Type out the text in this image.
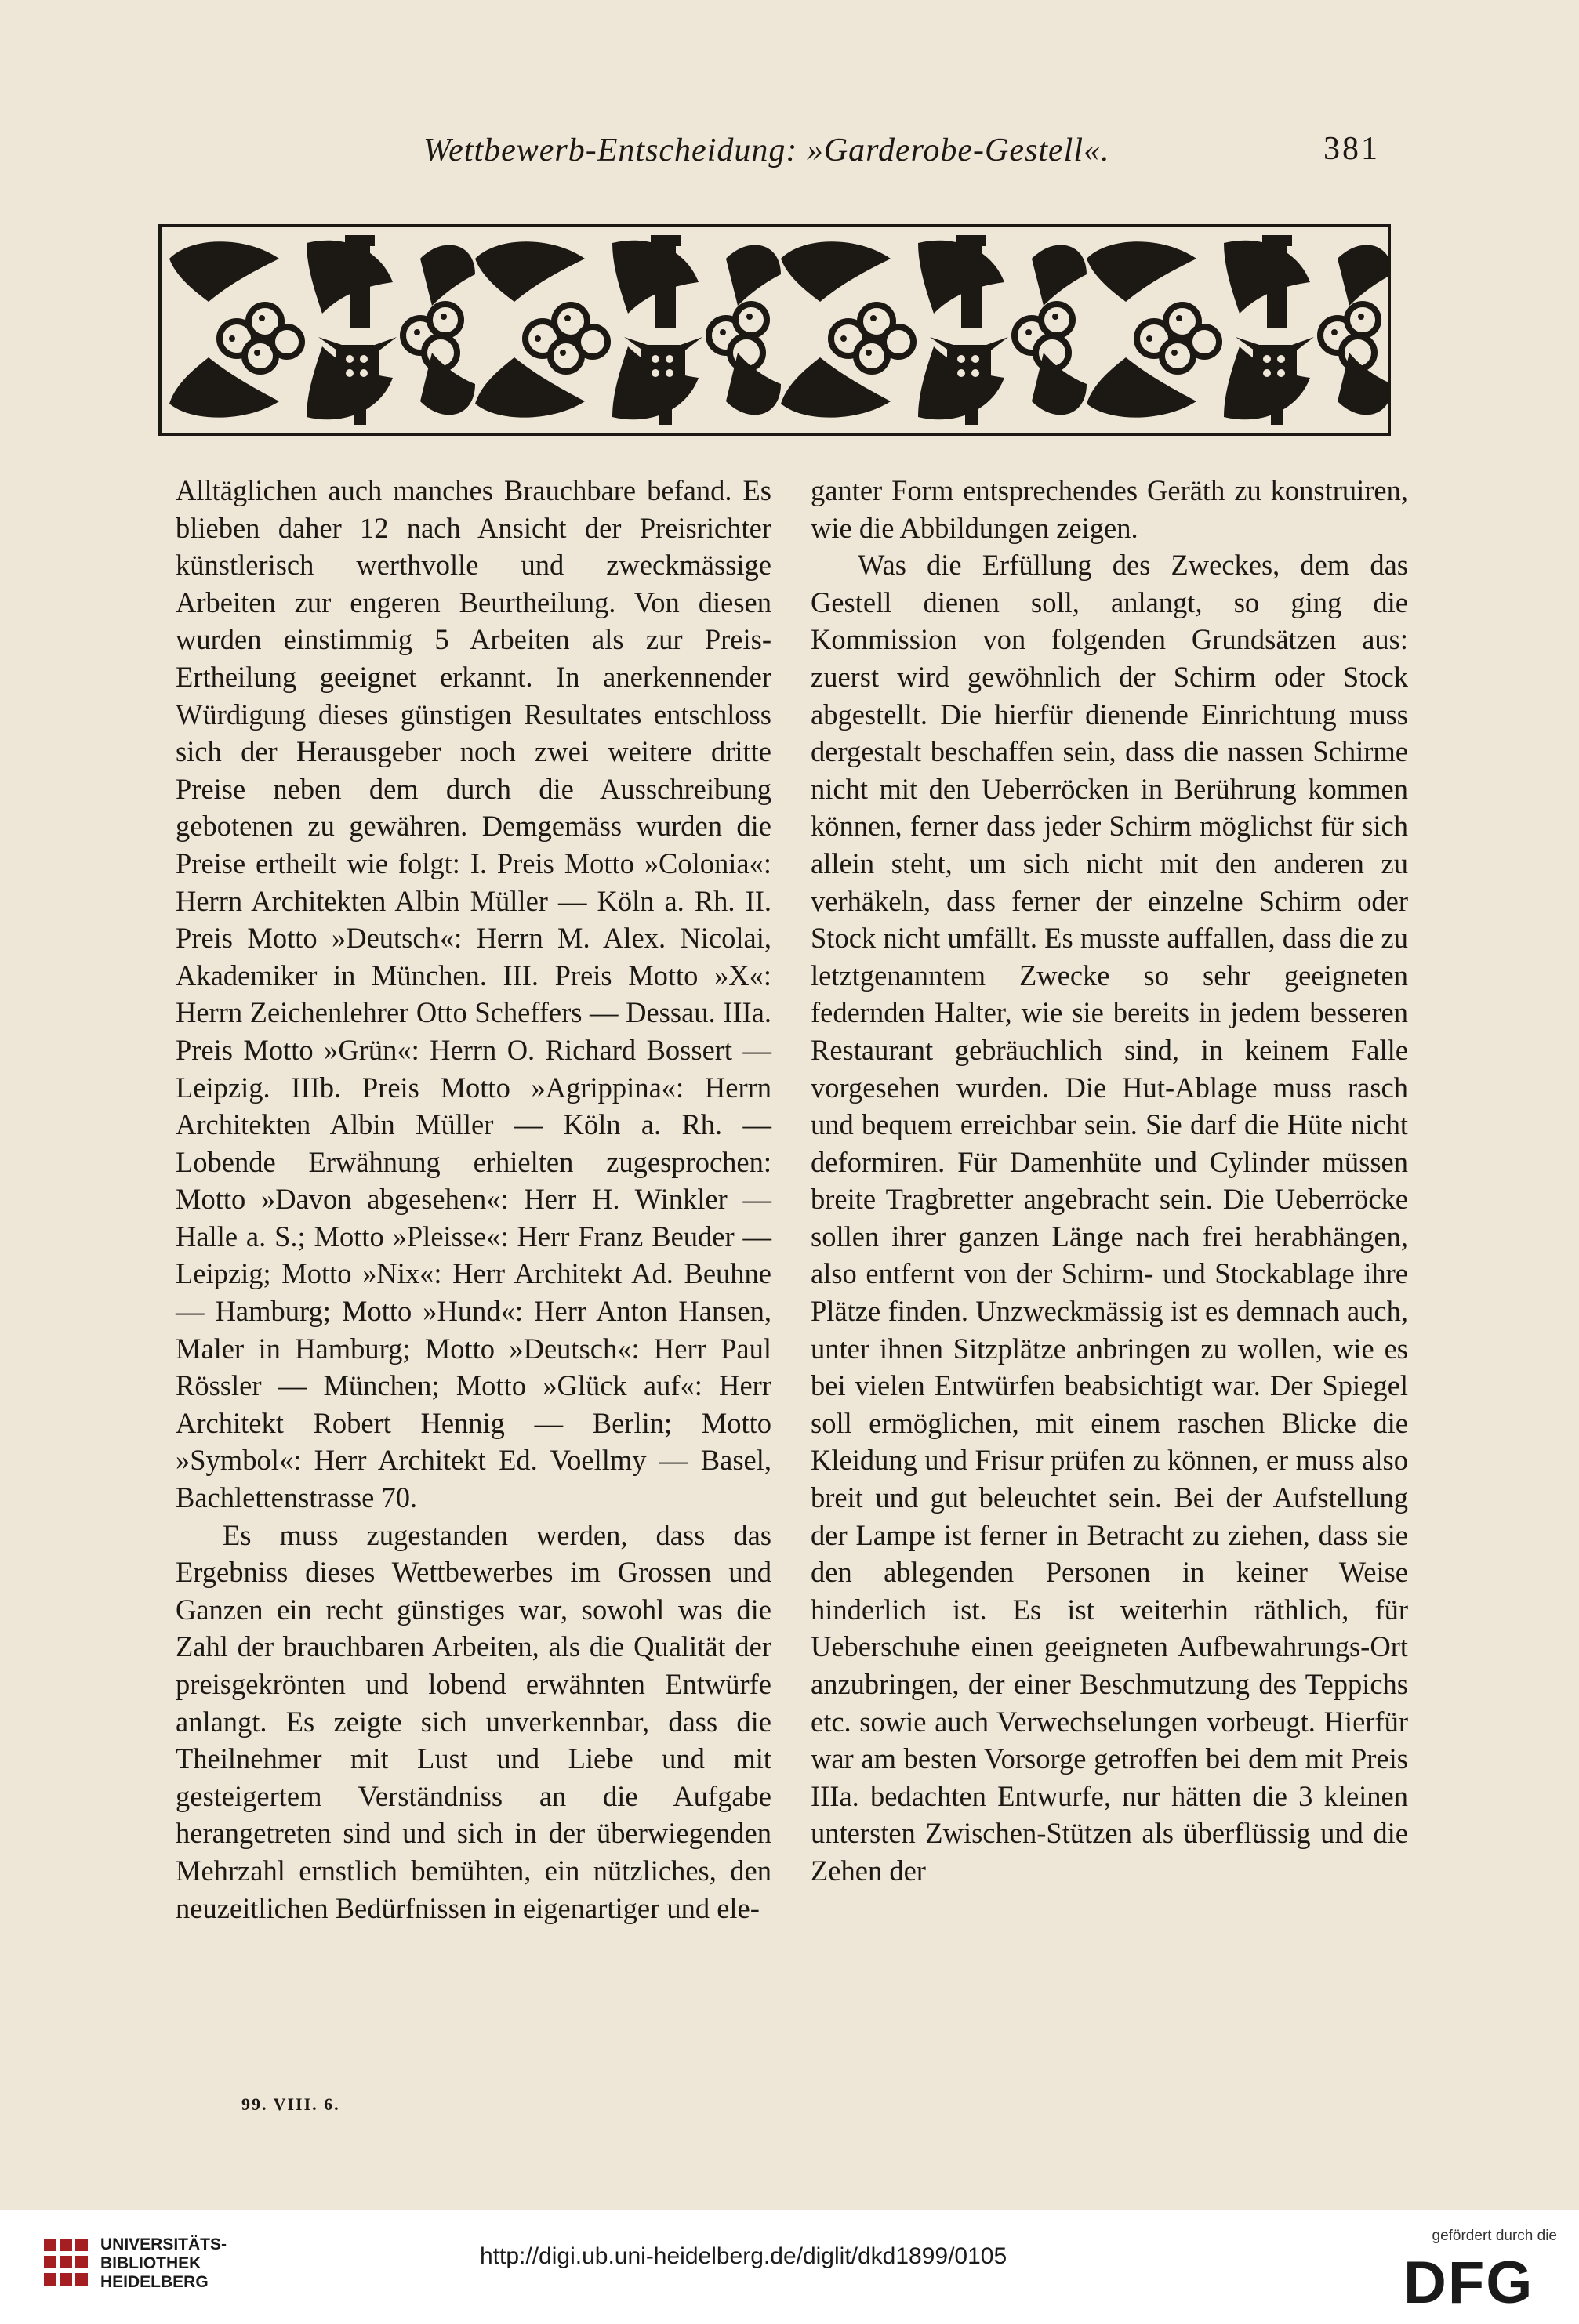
Wettbewerb-Entscheidung: »Garderobe-Gestell«.	381

Alltäglichen auch manches Brauchbare befand. Es blieben daher 12 nach Ansicht der Preisrichter künstlerisch werthvolle und zweckmässige Arbeiten zur engeren Beurtheilung. Von diesen wurden einstimmig 5 Arbeiten als zur Preis-Ertheilung geeignet erkannt. In anerkennender Würdigung dieses günstigen Resultates entschloss sich der Herausgeber noch zwei weitere dritte Preise neben dem durch die Ausschreibung gebotenen zu gewähren. Demgemäss wurden die Preise ertheilt wie folgt: I. Preis Motto »Colonia«: Herrn Architekten Albin Müller — Köln a. Rh. II. Preis Motto »Deutsch«: Herrn M. Alex. Nicolai, Akademiker in München. III. Preis Motto »X«: Herrn Zeichenlehrer Otto Scheffers — Dessau. IIIa. Preis Motto »Grün«: Herrn O. Richard Bossert — Leipzig. IIIb. Preis Motto »Agrippina«: Herrn Architekten Albin Müller — Köln a. Rh. — Lobende Erwähnung erhielten zugesprochen: Motto »Davon abgesehen«: Herr H. Winkler — Halle a. S.; Motto »Pleisse«: Herr Franz Beuder — Leipzig; Motto »Nix«: Herr Architekt Ad. Beuhne — Hamburg; Motto »Hund«: Herr Anton Hansen, Maler in Hamburg; Motto »Deutsch«: Herr Paul Rössler — München; Motto »Glück auf«: Herr Architekt Robert Hennig — Berlin; Motto »Symbol«: Herr Architekt Ed. Voellmy — Basel, Bachlettenstrasse 70.

Es muss zugestanden werden, dass das Ergebniss dieses Wettbewerbes im Grossen und Ganzen ein recht günstiges war, sowohl was die Zahl der brauchbaren Arbeiten, als die Qualität der preisgekrönten und lobend erwähnten Entwürfe anlangt. Es zeigte sich unverkennbar, dass die Theilnehmer mit Lust und Liebe und mit gesteigertem Verständniss an die Aufgabe herangetreten sind und sich in der überwiegenden Mehrzahl ernstlich bemühten, ein nützliches, den neuzeitlichen Bedürfnissen in eigenartiger und ele-

ganter Form entsprechendes Geräth zu konstruiren, wie die Abbildungen zeigen.

Was die Erfüllung des Zweckes, dem das Gestell dienen soll, anlangt, so ging die Kommission von folgenden Grundsätzen aus: zuerst wird gewöhnlich der Schirm oder Stock abgestellt. Die hierfür dienende Einrichtung muss dergestalt beschaffen sein, dass die nassen Schirme nicht mit den Ueberröcken in Berührung kommen können, ferner dass jeder Schirm möglichst für sich allein steht, um sich nicht mit den anderen zu verhäkeln, dass ferner der einzelne Schirm oder Stock nicht umfällt. Es musste auffallen, dass die zu letztgenanntem Zwecke so sehr geeigneten federnden Halter, wie sie bereits in jedem besseren Restaurant gebräuchlich sind, in keinem Falle vorgesehen wurden. Die Hut-Ablage muss rasch und bequem erreichbar sein. Sie darf die Hüte nicht deformiren. Für Damenhüte und Cylinder müssen breite Tragbretter angebracht sein. Die Ueberröcke sollen ihrer ganzen Länge nach frei herabhängen, also entfernt von der Schirm- und Stockablage ihre Plätze finden. Unzweckmässig ist es demnach auch, unter ihnen Sitzplätze anbringen zu wollen, wie es bei vielen Entwürfen beabsichtigt war. Der Spiegel soll ermöglichen, mit einem raschen Blicke die Kleidung und Frisur prüfen zu können, er muss also breit und gut beleuchtet sein. Bei der Aufstellung der Lampe ist ferner in Betracht zu ziehen, dass sie den ablegenden Personen in keiner Weise hinderlich ist. Es ist weiterhin räthlich, für Ueberschuhe einen geeigneten Aufbewahrungs-Ort anzubringen, der einer Beschmutzung des Teppichs etc. sowie auch Verwechselungen vorbeugt. Hierfür war am besten Vorsorge getroffen bei dem mit Preis IIIa. bedachten Entwurfe, nur hätten die 3 kleinen untersten Zwischen-Stützen als überflüssig und die Zehen der

99. VIII. 6.
UNIVERSITÄTS-
BIBLIOTHEK
HEIDELBERG
http://digi.ub.uni-heidelberg.de/diglit/dkd1899/0105
gefördert durch die
DFG
